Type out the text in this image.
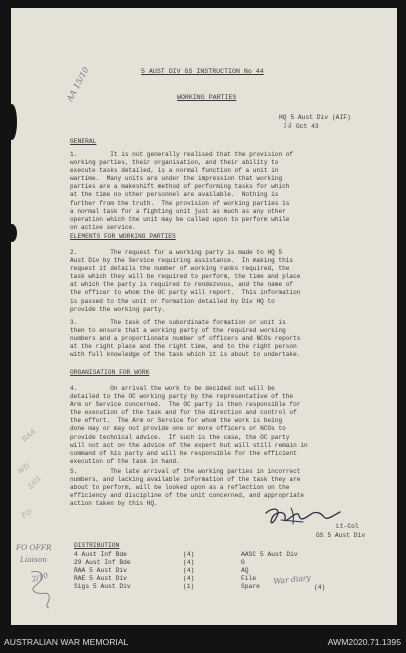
5 AUST DIV GS INSTRUCTION No 44
WORKING PARTIES
HQ 5 Aust Div (AIF)
14 Oct 43
AA 15/10
GENERAL
1.         It is not generally realised that the provision of
working parties, their organisation, and their ability to
execute tasks detailed, is a normal function of a unit in
wartime.  Many units are under the impression that working
parties are a makeshift method of performing tasks for which
at the time no other personnel are available.  Nothing is
further from the truth.  The provision of working parties is
a normal task for a fighting unit just as much as any other
operation which the unit may be called upon to perform while
on active service.
ELEMENTS FOR WORKING PARTIES
2.         The request for a working party is made to HQ 5
Aust Div by the Service requiring assistance.  In making this
request it details the number of working ranks required, the
task which they will be required to perform, the time and place
at which the party is required to rendezvous, and the name of
the officer to whom the OC party will report.  This information
is passed to the unit or formation detailed by Div HQ to
provide the working party.
3.         The task of the subordinate formation or unit is
then to ensure that a working party of the required working
numbers and a proportionate number of officers and NCOs reports
at the right place and the right time, and to the right person
with full knowledge of the task which it is about to undertake.
ORGANISATION FOR WORK
4.         On arrival the work to be decided out will be
detailed to the OC working party by the representative of the
Arm or Service concerned.  The OC party is then responsible for
the execution of the task and for the direction and control of
the effort.  The Arm or Service for whom the work is being
done may or may not provide one or more officers or NCOs to
provide technical advice.  If such is the case, the OC party
will not act on the advice of the expert but will still remain in
command of his party and will be responsible for the efficient
execution of the task in hand.
5.         The late arrival of the working parties in incorrect
numbers, and lacking available information of the task they are
about to perform, will be looked upon as a reflection on the
efficiency and discipline of the unit concerned, and appropriate
action taken by this HQ.
Lt-Col
GS 5 Aust Div
DISTRIBUTION
4 Aust Inf Bde	(4)
29 Aust Inf Bde	(4)
RAA 5 Aust Div	(4)
RAE 5 Aust Div	(4)
Sigs 5 Aust Div	(1)
AASC 5 Aust Div
G
AQ
File
Spare	(4)
RAA
WD
2/01
FD
FO OFFR
Liaison
2/10	War diary
AUSTRALIAN WAR MEMORIAL	AWM2020.71.1395
